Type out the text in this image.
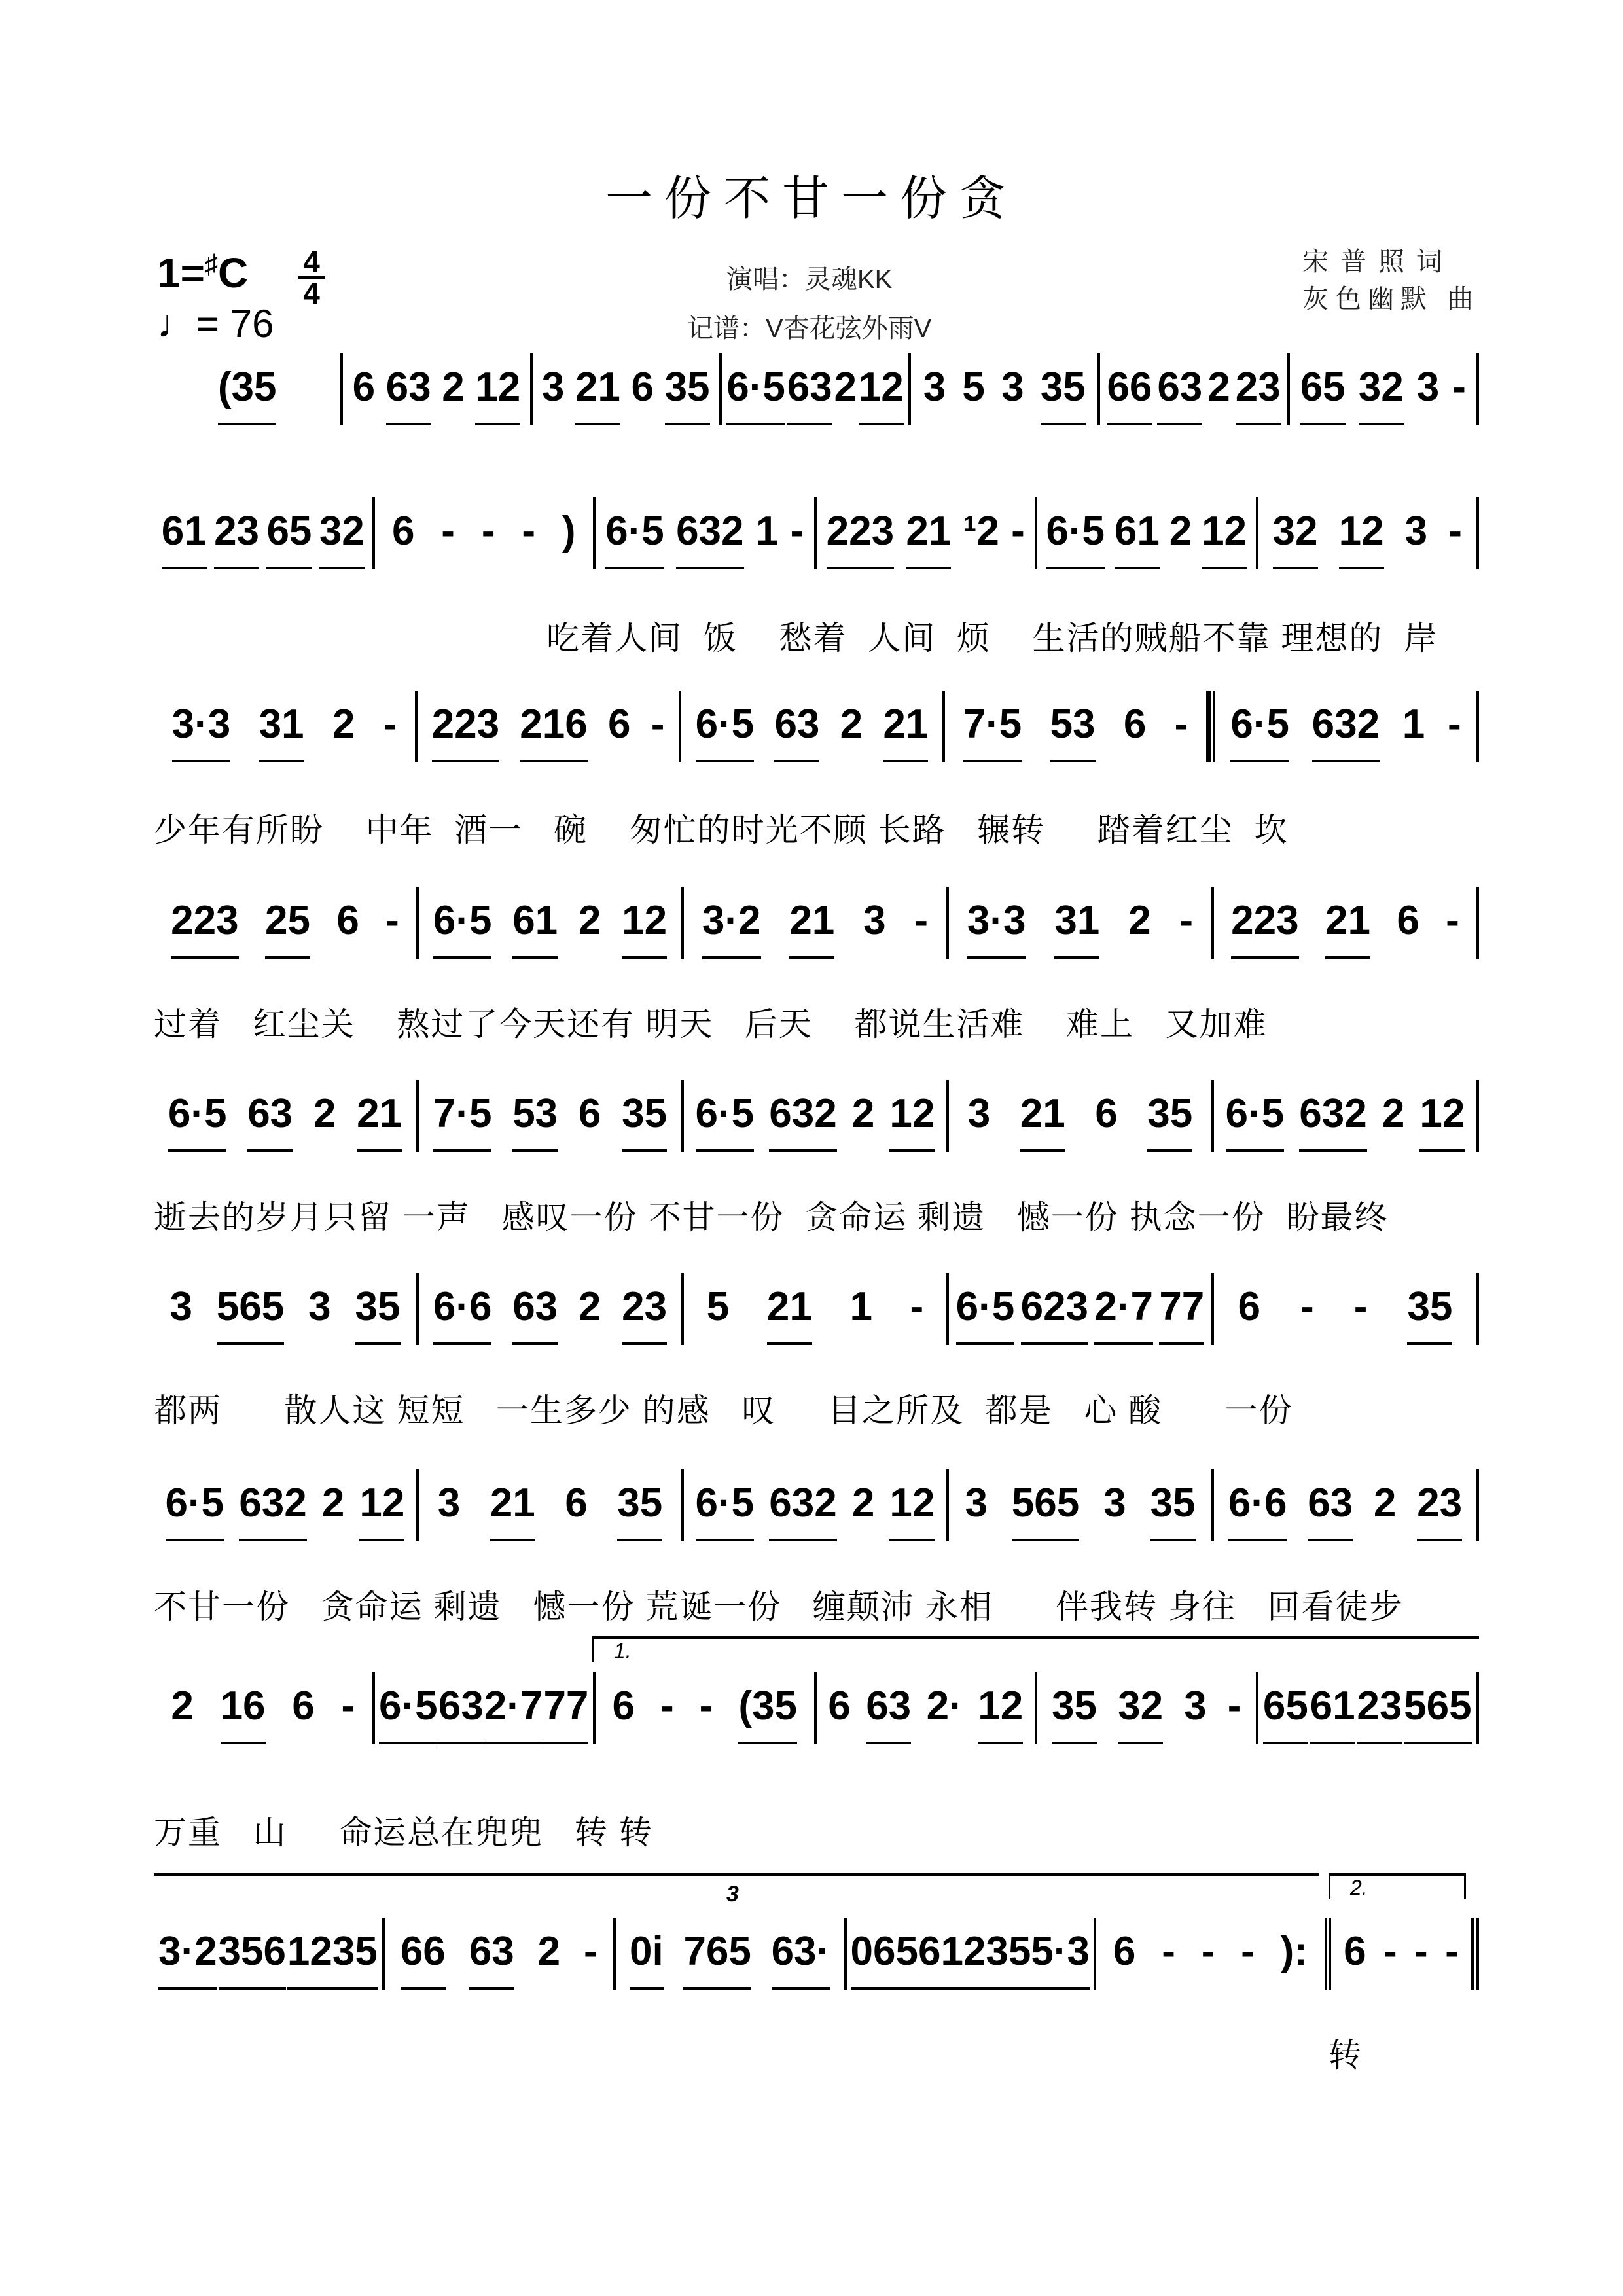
一份不甘一份贪
1=♯C 4
4
♩= 76
演唱：灵魂KK
记谱：V杏花弦外雨V
宋普照词
灰色幽默 曲
(35 6 63 2 12 3 21 6 35 6·5 63 2 12 3 5 3 35 66 63 2 23 65 32 3 -
61 23 65 32 6 - - - ) 6·5 632 1 - 223 21 ¹2 - 6·5 61 2 12 32 12 3 -
吃着人间  饭    愁着  人间  烦    生活的贼船不靠 理想的  岸
3·3 31 2 - 223 216 6 - 6·5 63 2 21 7·5 53 6 - 6·5 632 1 -
少年有所盼    中年  酒一   碗    匆忙的时光不顾 长路   辗转     踏着红尘  坎
223 25 6 - 6·5 61 2 12 3·2 21 3 - 3·3 31 2 - 223 21 6 -
过着   红尘关    熬过了今天还有 明天   后天    都说生活难    难上   又加难
6·5 63 2 21 7·5 53 6 35 6·5 632 2 12 3 21 6 35 6·5 632 2 12
逝去的岁月只留 一声   感叹一份 不甘一份  贪命运 剩遗   憾一份 执念一份  盼最终
3 565 3 35 6·6 63 2 23 5 21 1 - 6·5 623 2·7 77 6 - - 35
都两      散人这 短短   一生多少 的感   叹     目之所及  都是   心 酸      一份
6·5 632 2 12 3 21 6 35 6·5 632 2 12 3 565 3 35 6·6 63 2 23
不甘一份   贪命运 剩遗   憾一份 荒诞一份   缠颠沛 永相      伴我转 身往   回看徒步
2 16 6 - 6·5 63 2·7 77 6 - - (35 6 63 2· 12 35 32 3 - 65 61 23 565
万重   山     命运总在兜兜   转 转
3·2 356 1235 66 63 2 - 0i 765 63· 065 61235 5·3 6 - - - ): 6 - - -
转
3
1.
2.
